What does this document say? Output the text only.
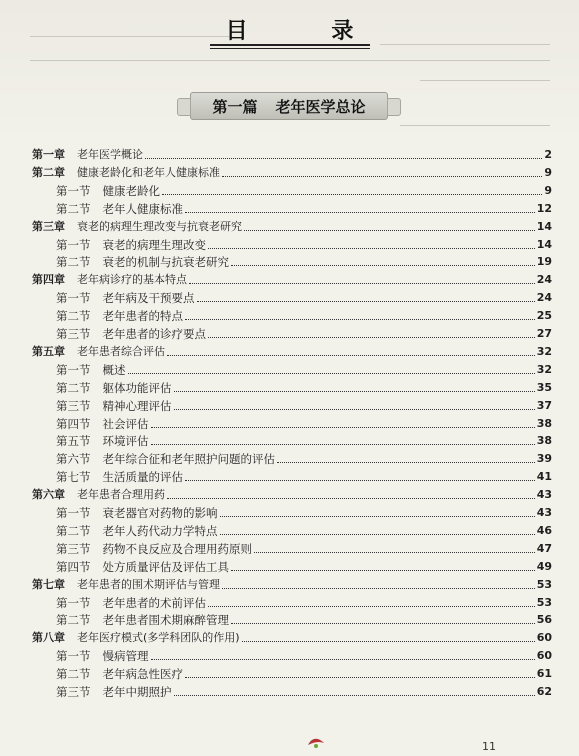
目 录
第一篇 老年医学总论
第一章 老年医学概论	2
第二章 健康老龄化和老年人健康标准	9
第一节 健康老龄化	9
第二节 老年人健康标准	12
第三章 衰老的病理生理改变与抗衰老研究	14
第一节 衰老的病理生理改变	14
第二节 衰老的机制与抗衰老研究	19
第四章 老年病诊疗的基本特点	24
第一节 老年病及干预要点	24
第二节 老年患者的特点	25
第三节 老年患者的诊疗要点	27
第五章 老年患者综合评估	32
第一节 概述	32
第二节 躯体功能评估	35
第三节 精神心理评估	37
第四节 社会评估	38
第五节 环境评估	38
第六节 老年综合征和老年照护问题的评估	39
第七节 生活质量的评估	41
第六章 老年患者合理用药	43
第一节 衰老器官对药物的影响	43
第二节 老年人药代动力学特点	46
第三节 药物不良反应及合理用药原则	47
第四节 处方质量评估及评估工具	49
第七章 老年患者的围术期评估与管理	53
第一节 老年患者的术前评估	53
第二节 老年患者围术期麻醉管理	56
第八章 老年医疗模式(多学科团队的作用)	60
第一节 慢病管理	60
第二节 老年病急性医疗	61
第三节 老年中期照护	62
11
